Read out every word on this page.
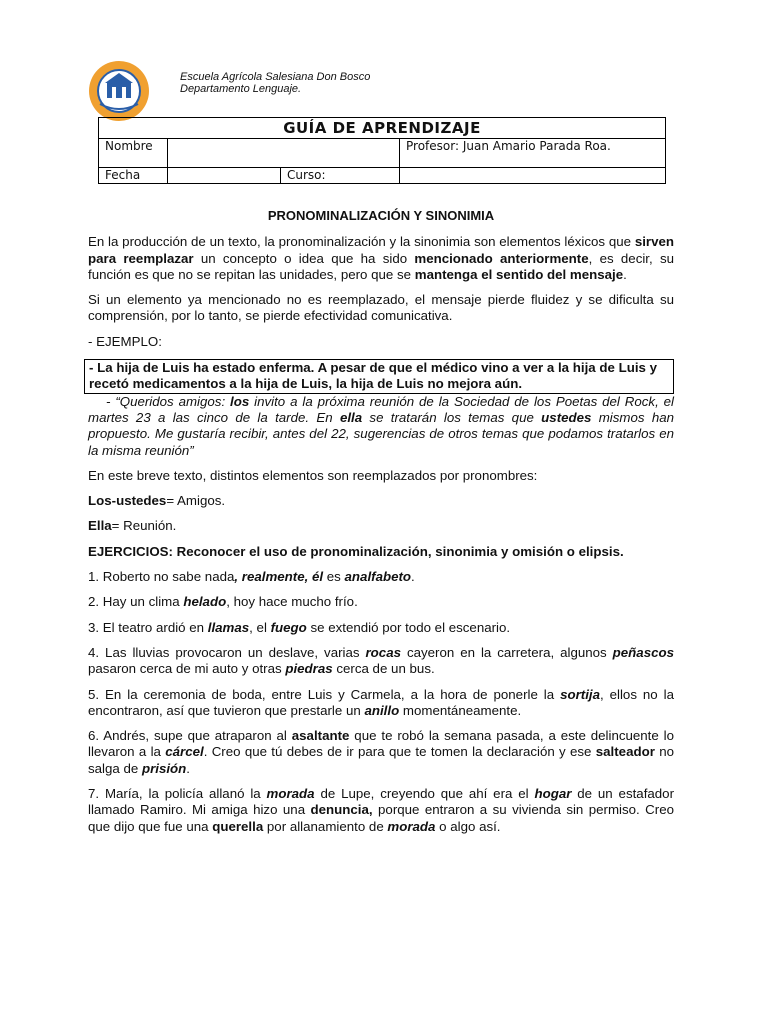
Escuela Agrícola Salesiana Don Bosco
Departamento Lenguaje.
GUÍA DE APRENDIZAJE			
Nombre			Profesor: Juan Amario Parada Roa.
Fecha		Curso:	

PRONOMINALIZACIÓN Y SINONIMIA

En la producción de un texto, la pronominalización y la sinonimia son elementos léxicos que sirven para reemplazar un concepto o idea que ha sido mencionado anteriormente, es decir, su función es que no se repitan las unidades, pero que se mantenga el sentido del mensaje.

Si un elemento ya mencionado no es reemplazado, el mensaje pierde fluidez y se dificulta su comprensión, por lo tanto, se pierde efectividad comunicativa.

- EJEMPLO:

- La hija de Luis ha estado enferma. A pesar de que el médico vino a ver a la hija de Luis y recetó medicamentos a la hija de Luis, la hija de Luis no mejora aún.
- “Queridos amigos: los invito a la próxima reunión de la Sociedad de los Poetas del Rock, el martes 23 a las cinco de la tarde. En ella se tratarán los temas que ustedes mismos han propuesto. Me gustaría recibir, antes del 22, sugerencias de otros temas que podamos tratarlos en la misma reunión”

En este breve texto, distintos elementos son reemplazados por pronombres:

Los-ustedes= Amigos.

Ella= Reunión.

EJERCICIOS: Reconocer el uso de pronominalización, sinonimia y omisión o elipsis.

1. Roberto no sabe nada, realmente, él es analfabeto.

2. Hay un clima helado, hoy hace mucho frío.

3. El teatro ardió en llamas, el fuego se extendió por todo el escenario.

4. Las lluvias provocaron un deslave, varias rocas cayeron en la carretera, algunos peñascos pasaron cerca de mi auto y otras piedras cerca de un bus.

5. En la ceremonia de boda, entre Luis y Carmela, a la hora de ponerle la sortija, ellos no la encontraron, así que tuvieron que prestarle un anillo momentáneamente.

6. Andrés, supe que atraparon al asaltante que te robó la semana pasada, a este delincuente lo llevaron a la cárcel. Creo que tú debes de ir para que te tomen la declaración y ese salteador no salga de prisión.

7. María, la policía allanó la morada de Lupe, creyendo que ahí era el hogar de un estafador llamado Ramiro. Mi amiga hizo una denuncia, porque entraron a su vivienda sin permiso. Creo que dijo que fue una querella por allanamiento de morada o algo así.
